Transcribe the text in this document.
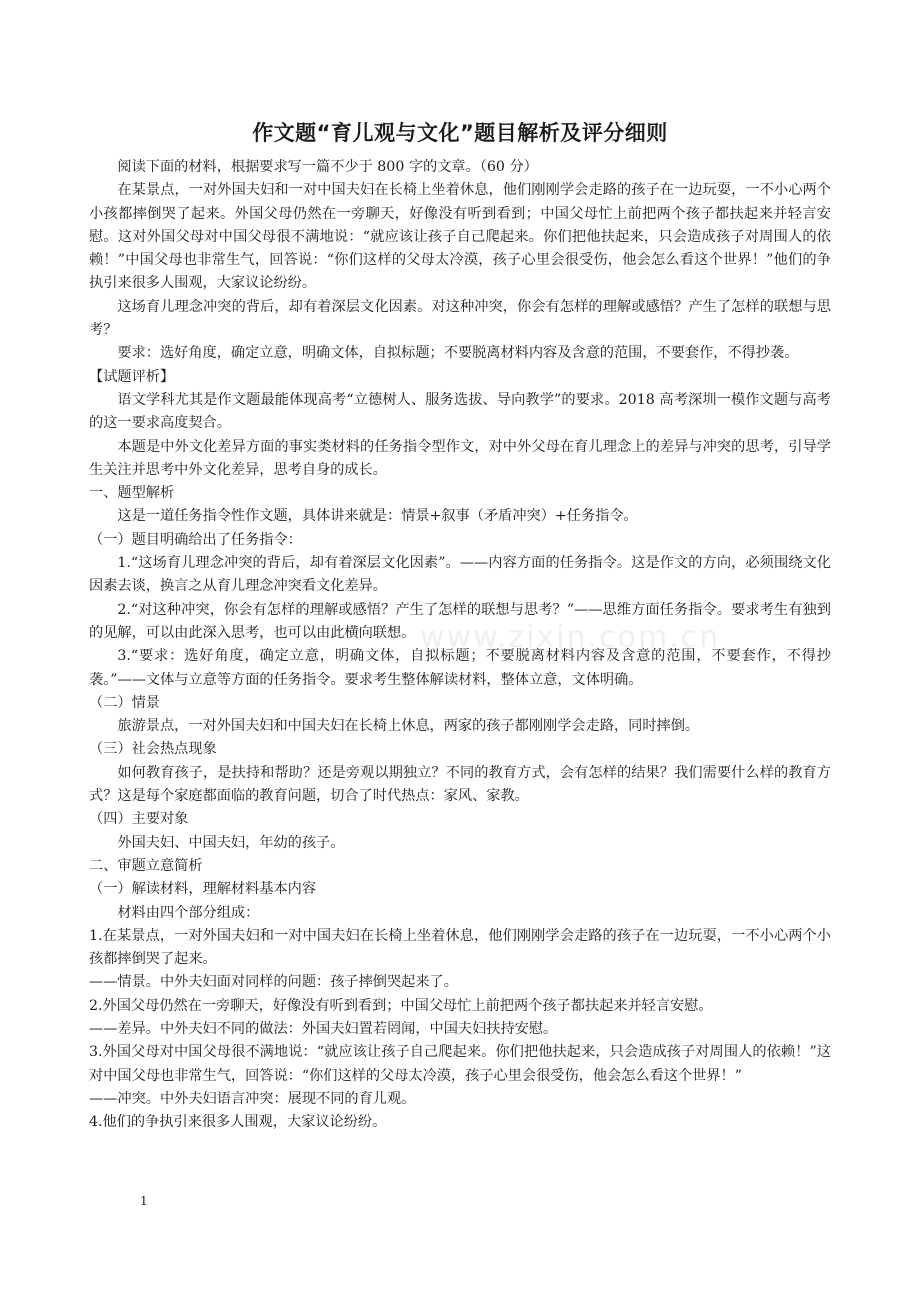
www.zixin.com.cn
作文题“育儿观与文化”题目解析及评分细则

阅读下面的材料，根据要求写一篇不少于 800 字的文章。（60 分）

在某景点，一对外国夫妇和一对中国夫妇在长椅上坐着休息，他们刚刚学会走路的孩子在一边玩耍，一不小心两个小孩都摔倒哭了起来。外国父母仍然在一旁聊天，好像没有听到看到；中国父母忙上前把两个孩子都扶起来并轻言安慰。这对外国父母对中国父母很不满地说：“就应该让孩子自己爬起来。你们把他扶起来，只会造成孩子对周围人的依赖！”中国父母也非常生气，回答说：“你们这样的父母太冷漠，孩子心里会很受伤，他会怎么看这个世界！”他们的争执引来很多人围观，大家议论纷纷。

这场育儿理念冲突的背后，却有着深层文化因素。对这种冲突，你会有怎样的理解或感悟？产生了怎样的联想与思考？

要求：选好角度，确定立意，明确文体，自拟标题；不要脱离材料内容及含意的范围，不要套作，不得抄袭。

【试题评析】

语文学科尤其是作文题最能体现高考“立德树人、服务选拔、导向教学”的要求。2018 高考深圳一模作文题与高考的这一要求高度契合。

本题是中外文化差异方面的事实类材料的任务指令型作文，对中外父母在育儿理念上的差异与冲突的思考，引导学生关注并思考中外文化差异，思考自身的成长。

一、题型解析

这是一道任务指令性作文题，具体讲来就是：情景+叙事（矛盾冲突）+任务指令。

（一）题目明确给出了任务指令：

1.“这场育儿理念冲突的背后，却有着深层文化因素”。——内容方面的任务指令。这是作文的方向，必须围绕文化因素去谈，换言之从育儿理念冲突看文化差异。

2.“对这种冲突，你会有怎样的理解或感悟？产生了怎样的联想与思考？”——思维方面任务指令。要求考生有独到的见解，可以由此深入思考，也可以由此横向联想。

3.“要求：选好角度，确定立意，明确文体，自拟标题；不要脱离材料内容及含意的范围，不要套作，不得抄袭。”——文体与立意等方面的任务指令。要求考生整体解读材料，整体立意，文体明确。

（二）情景

旅游景点，一对外国夫妇和中国夫妇在长椅上休息，两家的孩子都刚刚学会走路，同时摔倒。

（三）社会热点现象

如何教育孩子，是扶持和帮助？还是旁观以期独立？不同的教育方式，会有怎样的结果？我们需要什么样的教育方式？这是每个家庭都面临的教育问题，切合了时代热点：家风、家教。

（四）主要对象

外国夫妇、中国夫妇，年幼的孩子。

二、审题立意简析

（一）解读材料，理解材料基本内容

材料由四个部分组成：

1.在某景点，一对外国夫妇和一对中国夫妇在长椅上坐着休息，他们刚刚学会走路的孩子在一边玩耍，一不小心两个小孩都摔倒哭了起来。

——情景。中外夫妇面对同样的问题：孩子摔倒哭起来了。

2.外国父母仍然在一旁聊天，好像没有听到看到；中国父母忙上前把两个孩子都扶起来并轻言安慰。

——差异。中外夫妇不同的做法：外国夫妇置若罔闻，中国夫妇扶持安慰。

3.外国父母对中国父母很不满地说：“就应该让孩子自己爬起来。你们把他扶起来，只会造成孩子对周围人的依赖！”这对中国父母也非常生气，回答说：“你们这样的父母太冷漠，孩子心里会很受伤，他会怎么看这个世界！”

——冲突。中外夫妇语言冲突：展现不同的育儿观。

4.他们的争执引来很多人围观，大家议论纷纷。

1
